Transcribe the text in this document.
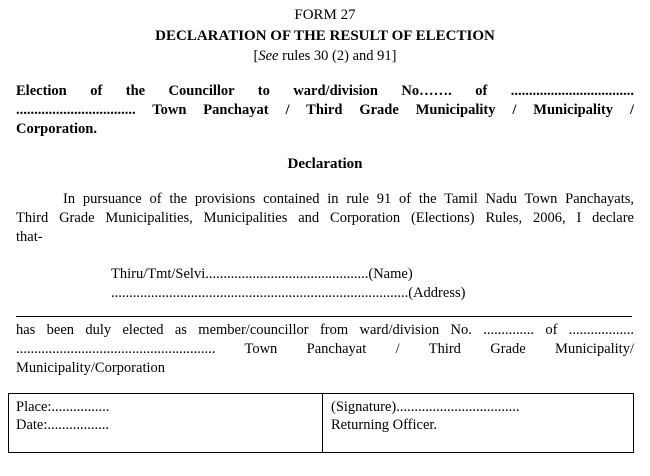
FORM 27
DECLARATION OF THE RESULT OF ELECTION
[See rules 30 (2) and 91]
Election of the Councillor to ward/division No……. of ..................................
................................. Town Panchayat / Third Grade Municipality / Municipality /
Corporation.
Declaration
In pursuance of the provisions contained in rule 91 of the Tamil Nadu Town Panchayats,
Third Grade Municipalities, Municipalities and Corporation (Elections) Rules, 2006, I declare
that-
Thiru/Tmt/Selvi.............................................(Name)
..................................................................................(Address)
has been duly elected as member/councillor from ward/division No. .............. of ..................
....................................................... Town Panchayat / Third Grade Municipality/
Municipality/Corporation
Place:................
Date:.................
(Signature)..................................
Returning Officer.
